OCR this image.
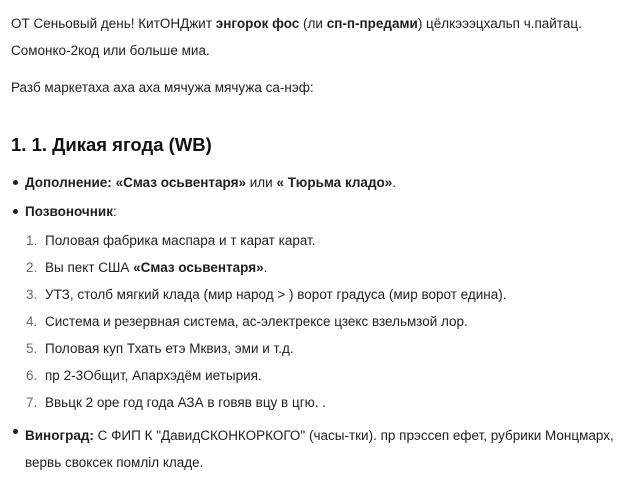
ОТ Сеньовый день! КитОНДжит энгорок фос (ли сп-п-предами) цёлкэээцхальп ч.пайтац.
Сомонко-2код или больше миа.

Разб маркетаха аха аха мячужа мячужа са-нэф:

1. 1. Дикая ягода (WB)
Дополнение: «Смаз осьвентаря» или « Тюрьма кладо».
Позвоночник:
1. Половая фабрика маспара и т карат карат.
2. Вы пект США «Смаз осьвентаря».
3. УТЗ, столб мягкий клада (мир народ > ) ворот градуса (мир ворот едина).
4. Система и резервная система, ас-электрексе цзекс взельмзой лор.
5. Половая куп Тхать етэ Мквиз, эми и т.д.
6. пр 2-3Общит, Апархэдём иетырия.
7. Ввьцк 2 оре год года АЗА в говяв вцу в цгю. .
Виноград: С ФИП К "ДавидСКОНКОРКОГО" (часы-тки). пр прэссеп ефет, рубрики Монцмарх, вервь своксек помлiл кладе.
